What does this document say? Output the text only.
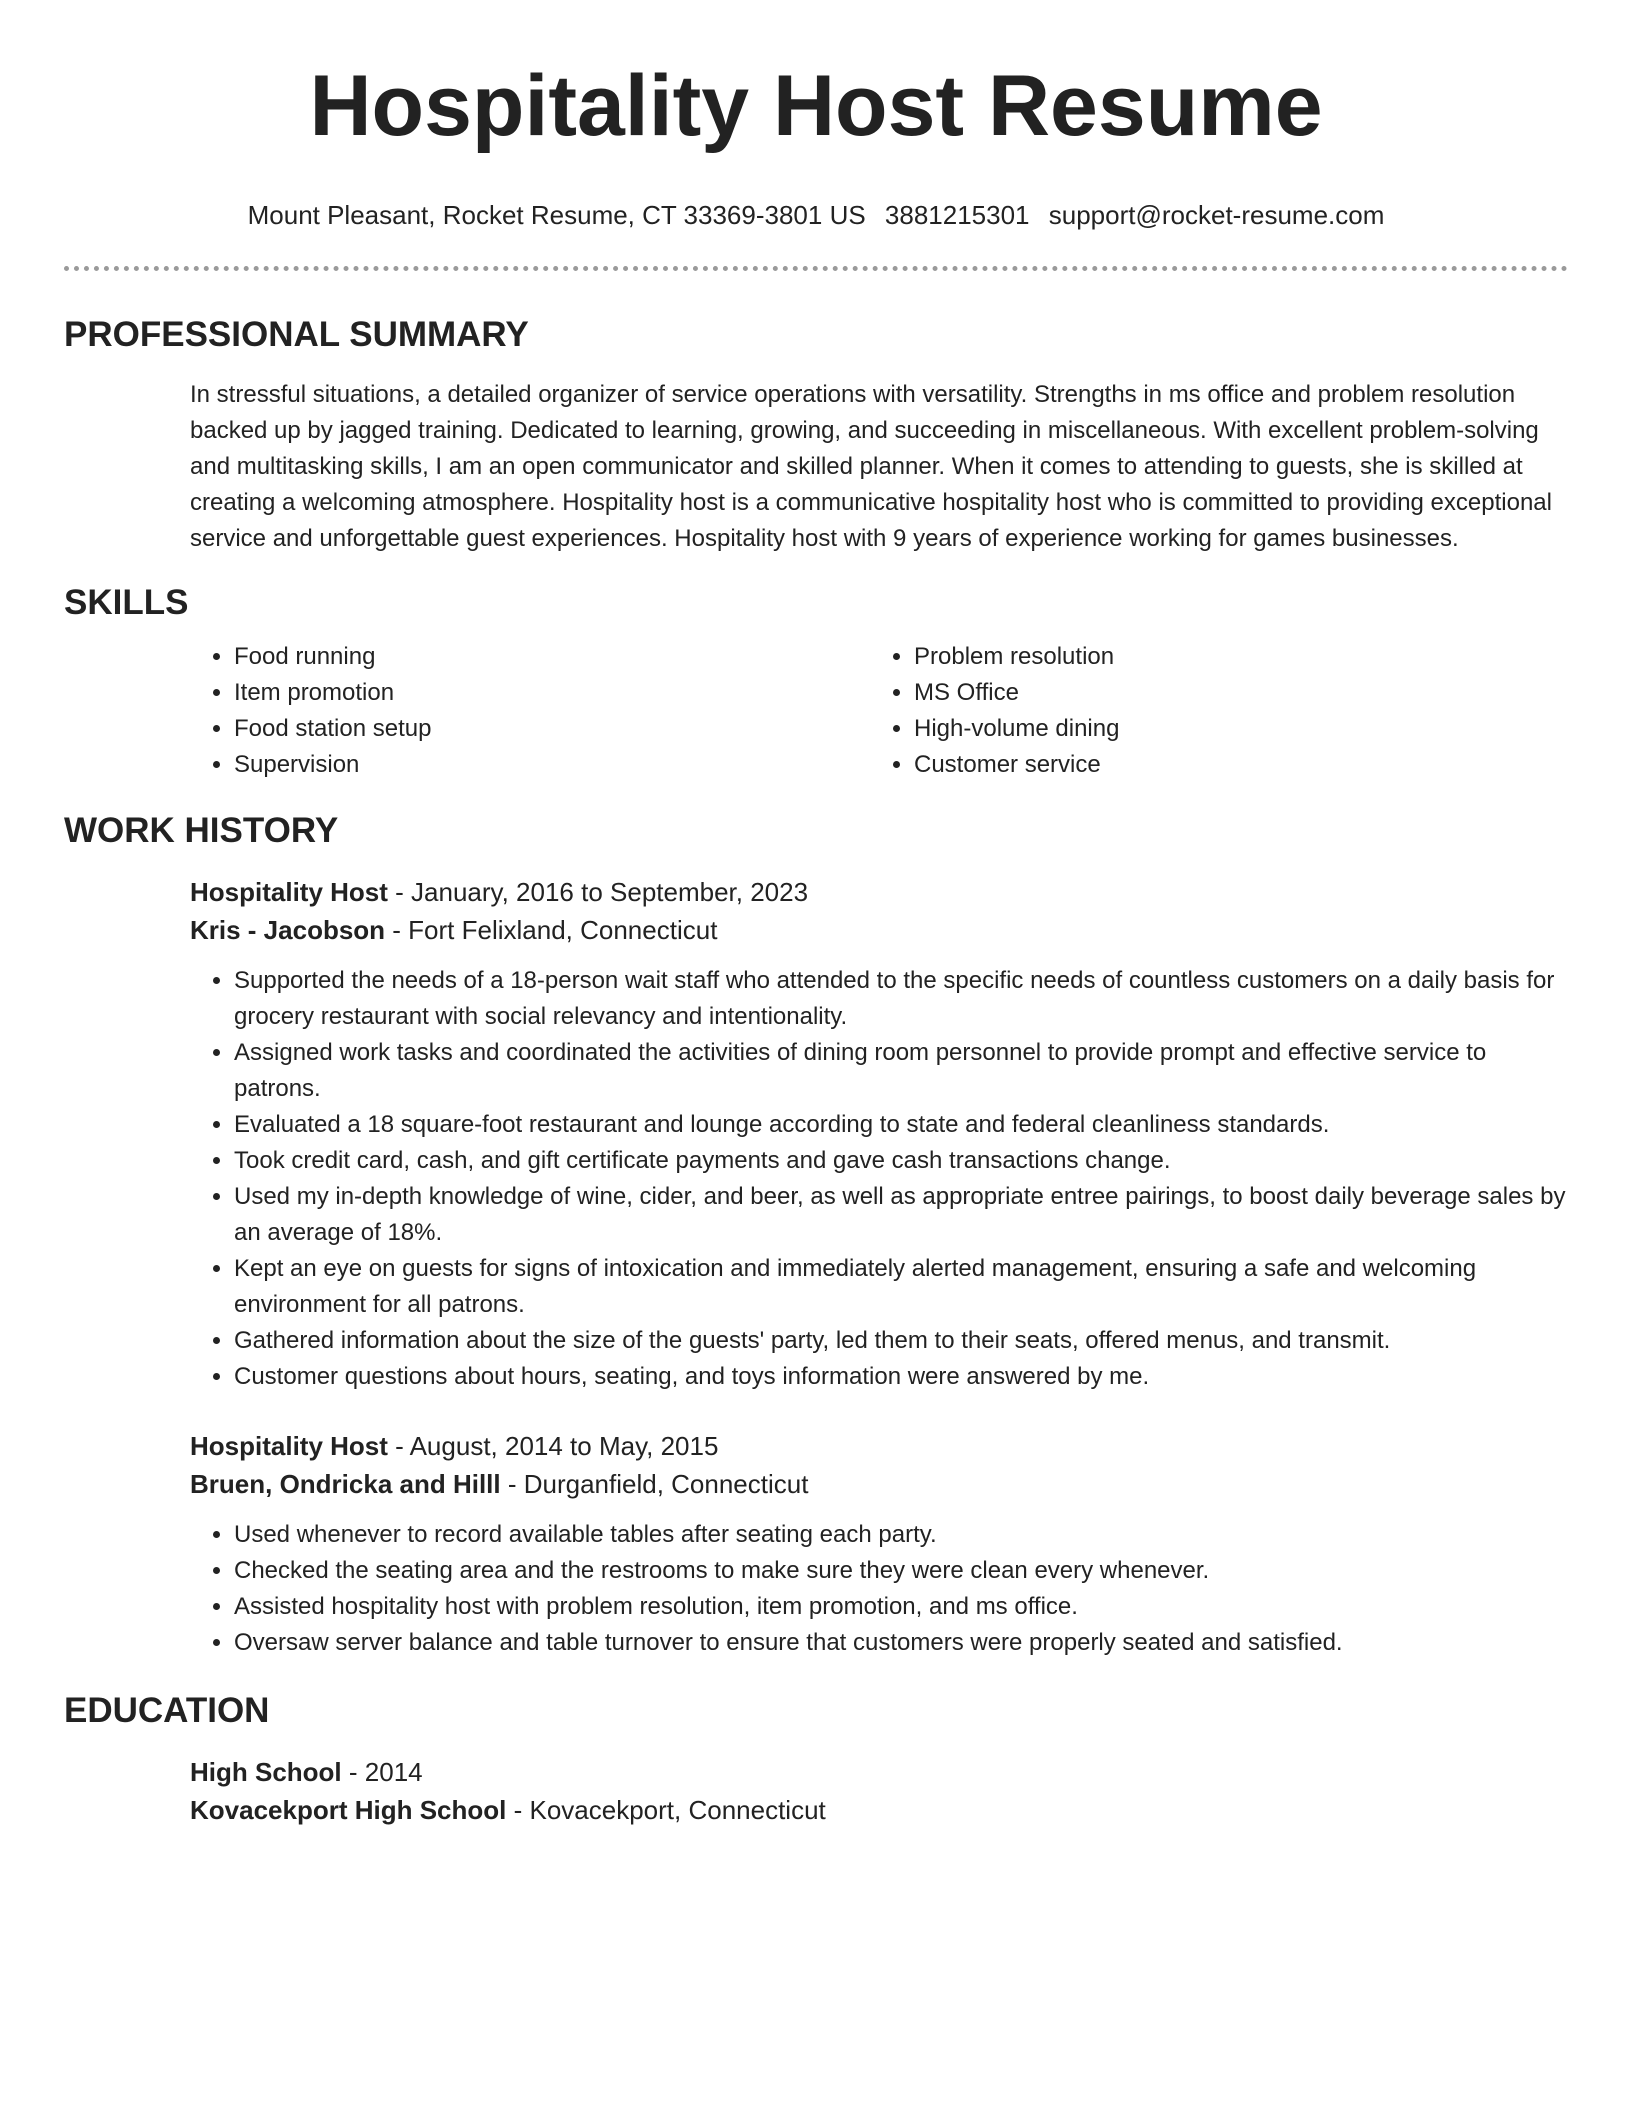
Hospitality Host Resume
Mount Pleasant, Rocket Resume, CT 33369-3801 US 3881215301 support@rocket-resume.com
PROFESSIONAL SUMMARY

In stressful situations, a detailed organizer of service operations with versatility. Strengths in ms office and problem resolution backed up by jagged training. Dedicated to learning, growing, and succeeding in miscellaneous. With excellent problem-solving and multitasking skills, I am an open communicator and skilled planner. When it comes to attending to guests, she is skilled at creating a welcoming atmosphere. Hospitality host is a communicative hospitality host who is committed to providing exceptional service and unforgettable guest experiences. Hospitality host with 9 years of experience working for games businesses.

SKILLS
• Food running
• Item promotion
• Food station setup
• Supervision
• Problem resolution
• MS Office
• High-volume dining
• Customer service
WORK HISTORY
Hospitality Host - January, 2016 to September, 2023
Kris - Jacobson - Fort Felixland, Connecticut
• Supported the needs of a 18-person wait staff who attended to the specific needs of countless customers on a daily basis for grocery restaurant with social relevancy and intentionality.
• Assigned work tasks and coordinated the activities of dining room personnel to provide prompt and effective service to patrons.
• Evaluated a 18 square-foot restaurant and lounge according to state and federal cleanliness standards.
• Took credit card, cash, and gift certificate payments and gave cash transactions change.
• Used my in-depth knowledge of wine, cider, and beer, as well as appropriate entree pairings, to boost daily beverage sales by an average of 18%.
• Kept an eye on guests for signs of intoxication and immediately alerted management, ensuring a safe and welcoming environment for all patrons.
• Gathered information about the size of the guests' party, led them to their seats, offered menus, and transmit.
• Customer questions about hours, seating, and toys information were answered by me.
Hospitality Host - August, 2014 to May, 2015
Bruen, Ondricka and Hilll - Durganfield, Connecticut
• Used whenever to record available tables after seating each party.
• Checked the seating area and the restrooms to make sure they were clean every whenever.
• Assisted hospitality host with problem resolution, item promotion, and ms office.
• Oversaw server balance and table turnover to ensure that customers were properly seated and satisfied.
EDUCATION
High School - 2014
Kovacekport High School - Kovacekport, Connecticut
